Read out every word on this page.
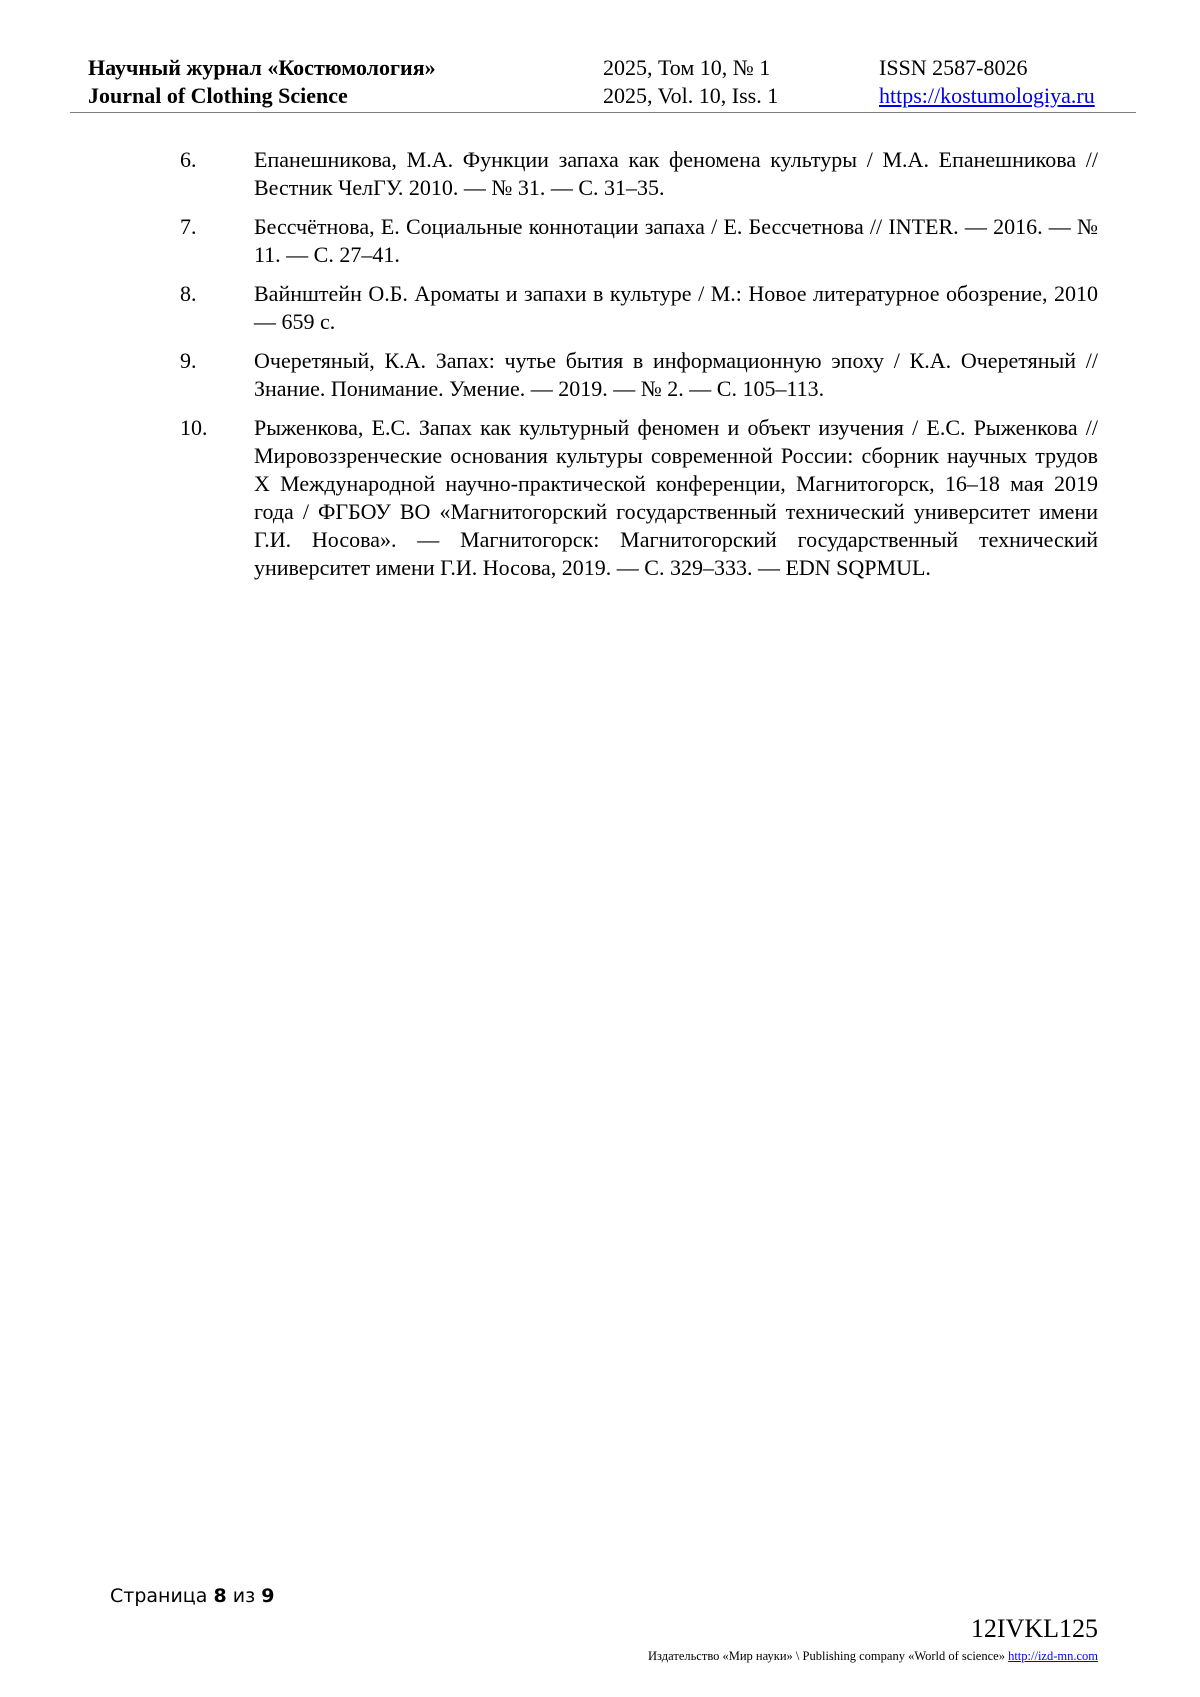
Научный журнал «Костюмология»
Journal of Clothing Science
2025, Том 10, № 1
2025, Vol. 10, Iss. 1
ISSN 2587-8026
https://kostumologiya.ru
6.	Епанешникова, М.А. Функции запаха как феномена культуры / М.А. Епанешникова // Вестник ЧелГУ. 2010. — № 31. — С. 31–35.
7.	Бессчётнова, Е. Социальные коннотации запаха / Е. Бессчетнова // INTER. — 2016. — № 11. — С. 27–41.
8.	Вайнштейн О.Б. Ароматы и запахи в культуре / М.: Новое литературное обозрение, 2010 — 659 с.
9.	Очеретяный, К.А. Запах: чутье бытия в информационную эпоху / К.А. Очеретяный // Знание. Понимание. Умение. — 2019. — № 2. — С. 105–113.
10. Рыженкова, Е.С. Запах как культурный феномен и объект изучения / Е.С. Рыженкова // Мировоззренческие основания культуры современной России: сборник научных трудов X Международной научно-практической конференции, Магнитогорск, 16–18 мая 2019 года / ФГБОУ ВО «Магнитогорский государственный технический университет имени Г.И. Носова». — Магнитогорск: Магнитогорский государственный технический университет имени Г.И. Носова, 2019. — С. 329–333. — EDN SQPMUL.
Страница 8 из 9
12IVKL125
Издательство «Мир науки» \ Publishing company «World of science» http://izd-mn.com
